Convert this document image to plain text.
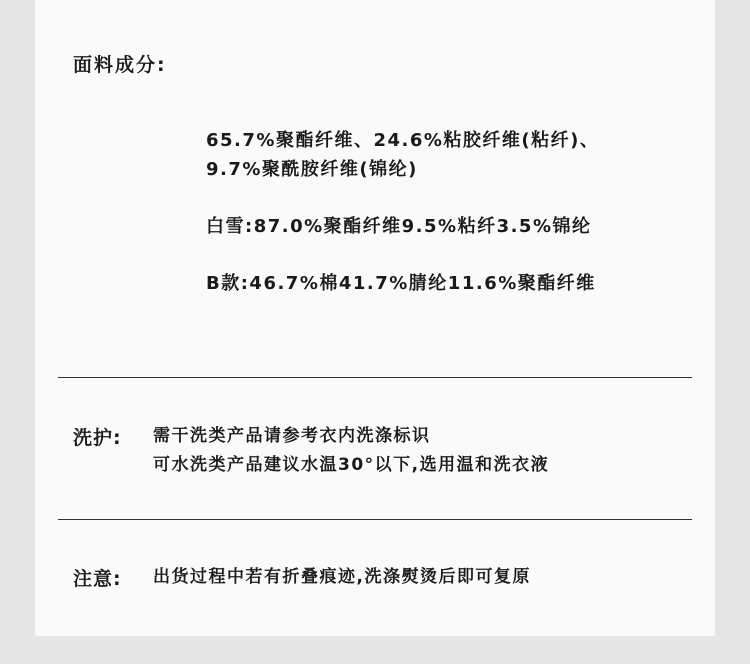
面料成分:
65.7%聚酯纤维、24.6%粘胶纤维(粘纤)、
9.7%聚酰胺纤维(锦纶)
白雪:87.0%聚酯纤维9.5%粘纤3.5%锦纶
B款:46.7%棉41.7%腈纶11.6%聚酯纤维
洗护: 需干洗类产品请参考衣内洗涤标识
可水洗类产品建议水温30°以下,选用温和洗衣液
注意: 出货过程中若有折叠痕迹,洗涤熨烫后即可复原
